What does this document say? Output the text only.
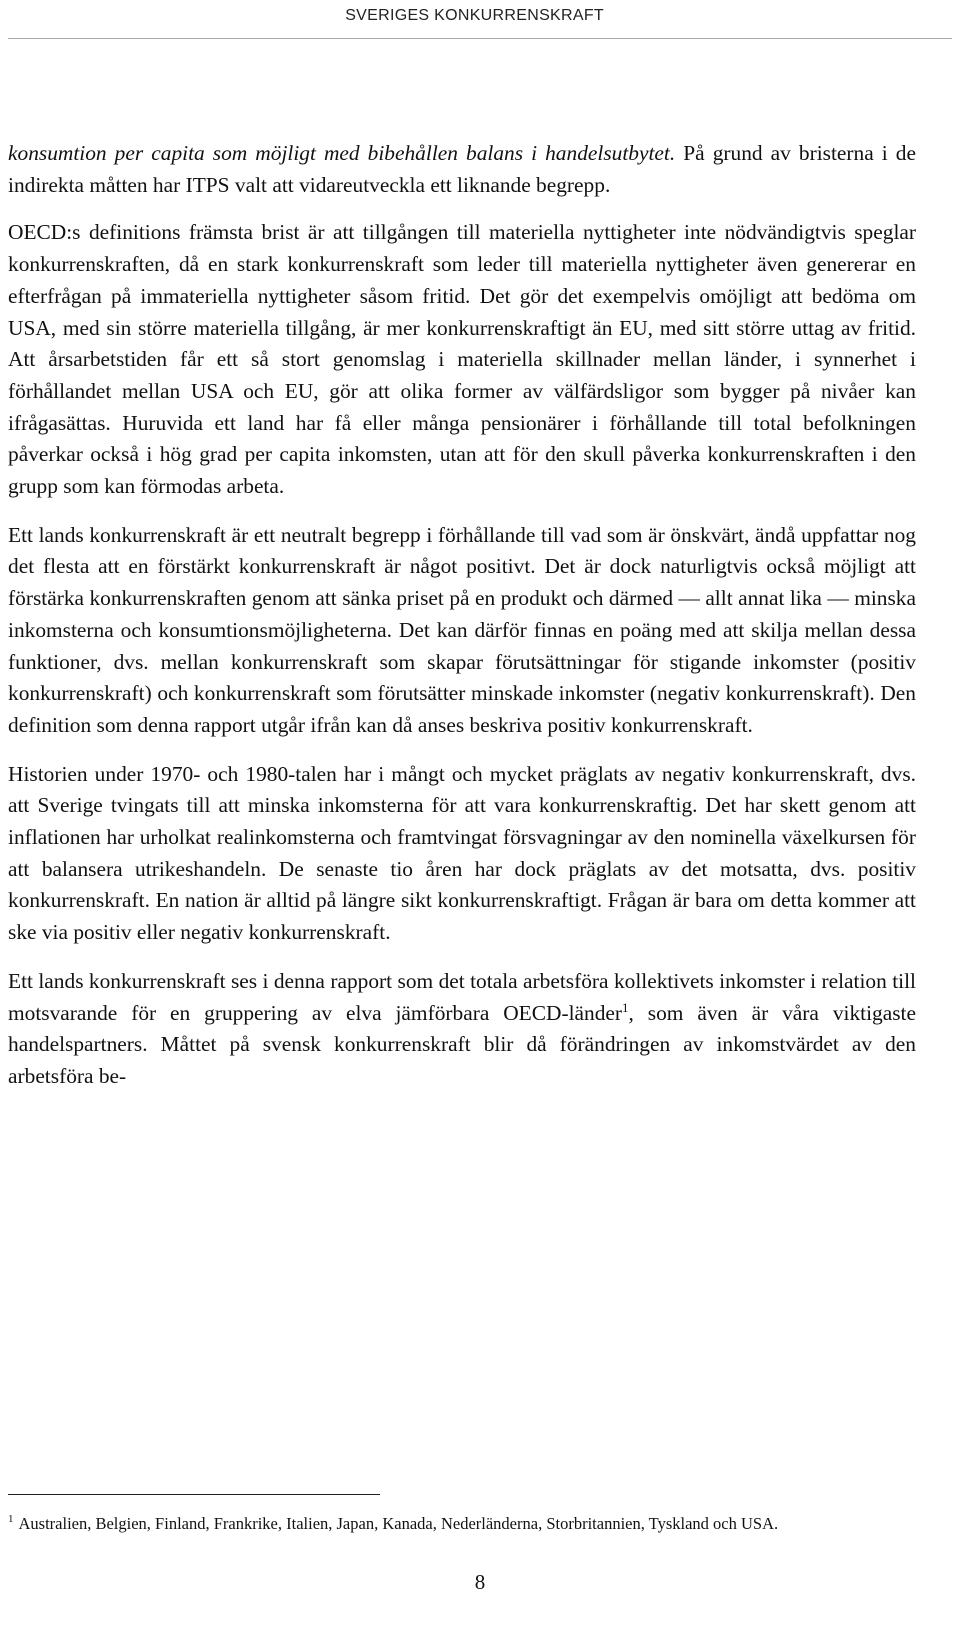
SVERIGES KONKURRENSKRAFT

konsumtion per capita som möjligt med bibehållen balans i handelsutbytet. På grund av bristerna i de indirekta måtten har ITPS valt att vidareutveckla ett liknande begrepp.

OECD:s definitions främsta brist är att tillgången till materiella nyttigheter inte nödvändigtvis speglar konkurrenskraften, då en stark konkurrenskraft som leder till materiella nyttigheter även genererar en efterfrågan på immateriella nyttigheter såsom fritid. Det gör det exempelvis omöjligt att bedöma om USA, med sin större materiella tillgång, är mer konkurrenskraftigt än EU, med sitt större uttag av fritid. Att årsarbetstiden får ett så stort genomslag i materiella skillnader mellan länder, i synnerhet i förhållandet mellan USA och EU, gör att olika former av välfärdsligor som bygger på nivåer kan ifrågasättas. Huruvida ett land har få eller många pensionärer i förhållande till total befolkningen påverkar också i hög grad per capita inkomsten, utan att för den skull påverka konkurrenskraften i den grupp som kan förmodas arbeta.

Ett lands konkurrenskraft är ett neutralt begrepp i förhållande till vad som är önskvärt, ändå uppfattar nog det flesta att en förstärkt konkurrenskraft är något positivt. Det är dock naturligtvis också möjligt att förstärka konkurrenskraften genom att sänka priset på en produkt och därmed — allt annat lika — minska inkomsterna och konsumtionsmöjligheterna. Det kan därför finnas en poäng med att skilja mellan dessa funktioner, dvs. mellan konkurrenskraft som skapar förutsättningar för stigande inkomster (positiv konkurrenskraft) och konkurrenskraft som förutsätter minskade inkomster (negativ konkurrenskraft). Den definition som denna rapport utgår ifrån kan då anses beskriva positiv konkurrenskraft.

Historien under 1970- och 1980-talen har i mångt och mycket präglats av negativ konkurrenskraft, dvs. att Sverige tvingats till att minska inkomsterna för att vara konkurrenskraftig. Det har skett genom att inflationen har urholkat realinkomsterna och framtvingat försvagningar av den nominella växelkursen för att balansera utrikeshandeln. De senaste tio åren har dock präglats av det motsatta, dvs. positiv konkurrenskraft. En nation är alltid på längre sikt konkurrenskraftigt. Frågan är bara om detta kommer att ske via positiv eller negativ konkurrenskraft.

Ett lands konkurrenskraft ses i denna rapport som det totala arbetsföra kollektivets inkomster i relation till motsvarande för en gruppering av elva jämförbara OECD-länder$^1$, som även är våra viktigaste handelspartners. Måttet på svensk konkurrenskraft blir då förändringen av inkomstvärdet av den arbetsföra be-

$^1$ Australien, Belgien, Finland, Frankrike, Italien, Japan, Kanada, Nederländerna, Storbritannien, Tyskland och USA.
8
